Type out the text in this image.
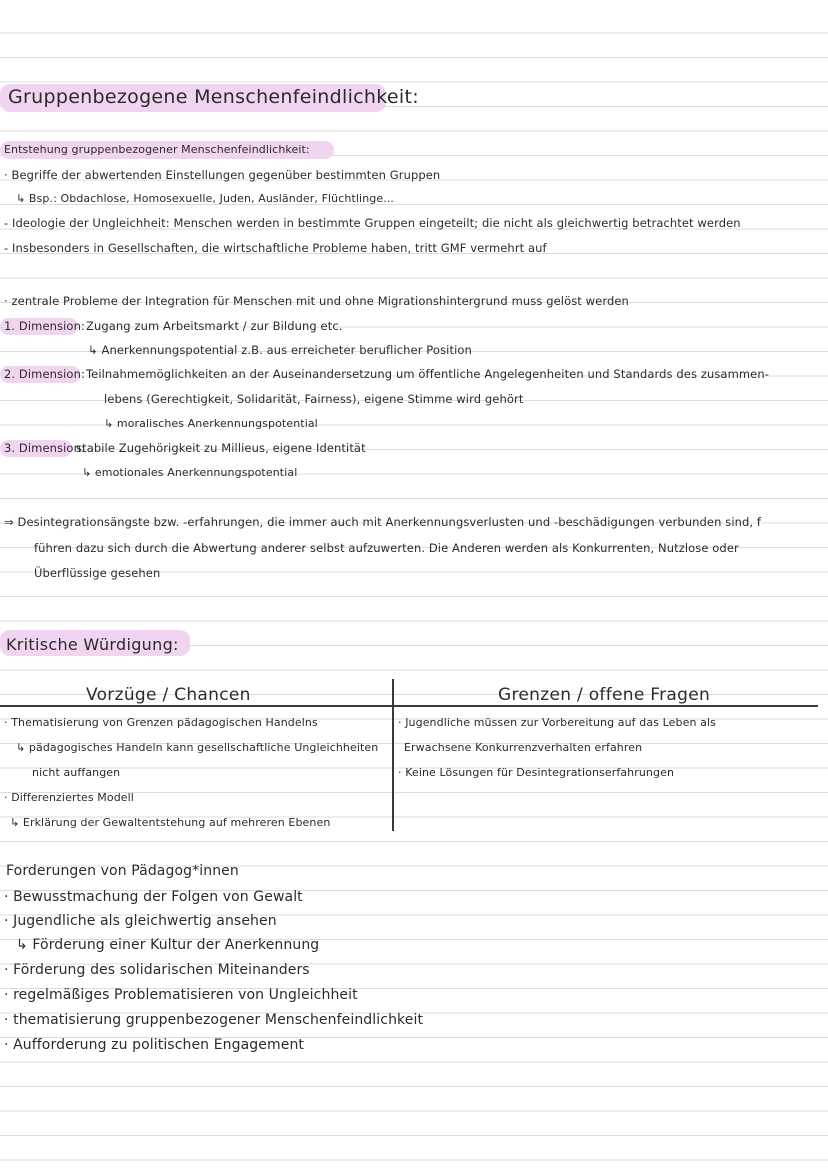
Gruppenbezogene Menschenfeindlichkeit:
Entstehung gruppenbezogener Menschenfeindlichkeit:
· Begriffe der abwertenden Einstellungen gegenüber bestimmten Gruppen
↳ Bsp.: Obdachlose, Homosexuelle, Juden, Ausländer, Flüchtlinge...
- Ideologie der Ungleichheit: Menschen werden in bestimmte Gruppen eingeteilt; die nicht als gleichwertig betrachtet werden
- Insbesonders in Gesellschaften, die wirtschaftliche Probleme haben, tritt GMF vermehrt auf
· zentrale Probleme der Integration für Menschen mit und ohne Migrationshintergrund muss gelöst werden
1. Dimension: Zugang zum Arbeitsmarkt / zur Bildung etc.
↳ Anerkennungspotential z.B. aus erreicheter beruflicher Position
2. Dimension: Teilnahmemöglichkeiten an der Auseinandersetzung um öffentliche Angelegenheiten und Standards des zusammen-
lebens (Gerechtigkeit, Solidarität, Fairness), eigene Stimme wird gehört
↳ moralisches Anerkennungspotential
3. Dimension:
stabile Zugehörigkeit zu Millieus, eigene Identität
↳ emotionales Anerkennungspotential
⇒ Desintegrationsängste bzw. -erfahrungen, die immer auch mit Anerkennungsverlusten und -beschädigungen verbunden sind, f
führen dazu sich durch die Abwertung anderer selbst aufzuwerten. Die Anderen werden als Konkurrenten, Nutzlose oder
Überflüssige gesehen
Kritische Würdigung:
Vorzüge / Chancen	Grenzen / offene Fragen
· Thematisierung von Grenzen pädagogischen Handelns
↳ pädagogisches Handeln kann gesellschaftliche Ungleichheiten
nicht auffangen
· Differenziertes Modell
↳ Erklärung der Gewaltentstehung auf mehreren Ebenen
· Jugendliche müssen zur Vorbereitung auf das Leben als
Erwachsene Konkurrenzverhalten erfahren
· Keine Lösungen für Desintegrationserfahrungen
Forderungen von Pädagog*innen
· Bewusstmachung der Folgen von Gewalt
· Jugendliche als gleichwertig ansehen
↳ Förderung einer Kultur der Anerkennung
· Förderung des solidarischen Miteinanders
· regelmäßiges Problematisieren von Ungleichheit
· thematisierung gruppenbezogener Menschenfeindlichkeit
· Aufforderung zu politischen Engagement
